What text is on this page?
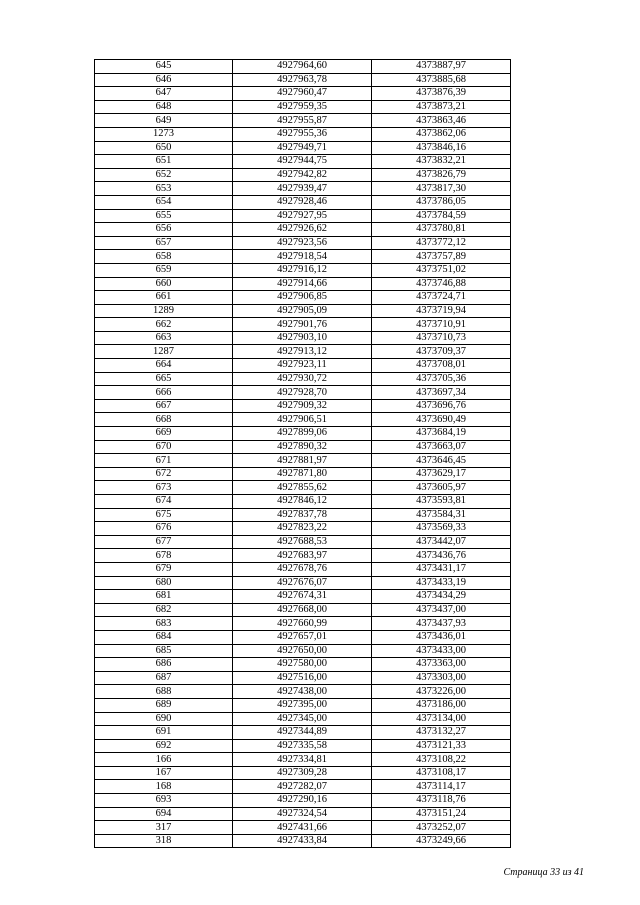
645	4927964,60	4373887,97
646	4927963,78	4373885,68
647	4927960,47	4373876,39
648	4927959,35	4373873,21
649	4927955,87	4373863,46
1273	4927955,36	4373862,06
650	4927949,71	4373846,16
651	4927944,75	4373832,21
652	4927942,82	4373826,79
653	4927939,47	4373817,30
654	4927928,46	4373786,05
655	4927927,95	4373784,59
656	4927926,62	4373780,81
657	4927923,56	4373772,12
658	4927918,54	4373757,89
659	4927916,12	4373751,02
660	4927914,66	4373746,88
661	4927906,85	4373724,71
1289	4927905,09	4373719,94
662	4927901,76	4373710,91
663	4927903,10	4373710,73
1287	4927913,12	4373709,37
664	4927923,11	4373708,01
665	4927930,72	4373705,36
666	4927928,70	4373697,34
667	4927909,32	4373696,76
668	4927906,51	4373690,49
669	4927899,06	4373684,19
670	4927890,32	4373663,07
671	4927881,97	4373646,45
672	4927871,80	4373629,17
673	4927855,62	4373605,97
674	4927846,12	4373593,81
675	4927837,78	4373584,31
676	4927823,22	4373569,33
677	4927688,53	4373442,07
678	4927683,97	4373436,76
679	4927678,76	4373431,17
680	4927676,07	4373433,19
681	4927674,31	4373434,29
682	4927668,00	4373437,00
683	4927660,99	4373437,93
684	4927657,01	4373436,01
685	4927650,00	4373433,00
686	4927580,00	4373363,00
687	4927516,00	4373303,00
688	4927438,00	4373226,00
689	4927395,00	4373186,00
690	4927345,00	4373134,00
691	4927344,89	4373132,27
692	4927335,58	4373121,33
166	4927334,81	4373108,22
167	4927309,28	4373108,17
168	4927282,07	4373114,17
693	4927290,16	4373118,76
694	4927324,54	4373151,24
317	4927431,66	4373252,07
318	4927433,84	4373249,66
Страница 33 из 41
